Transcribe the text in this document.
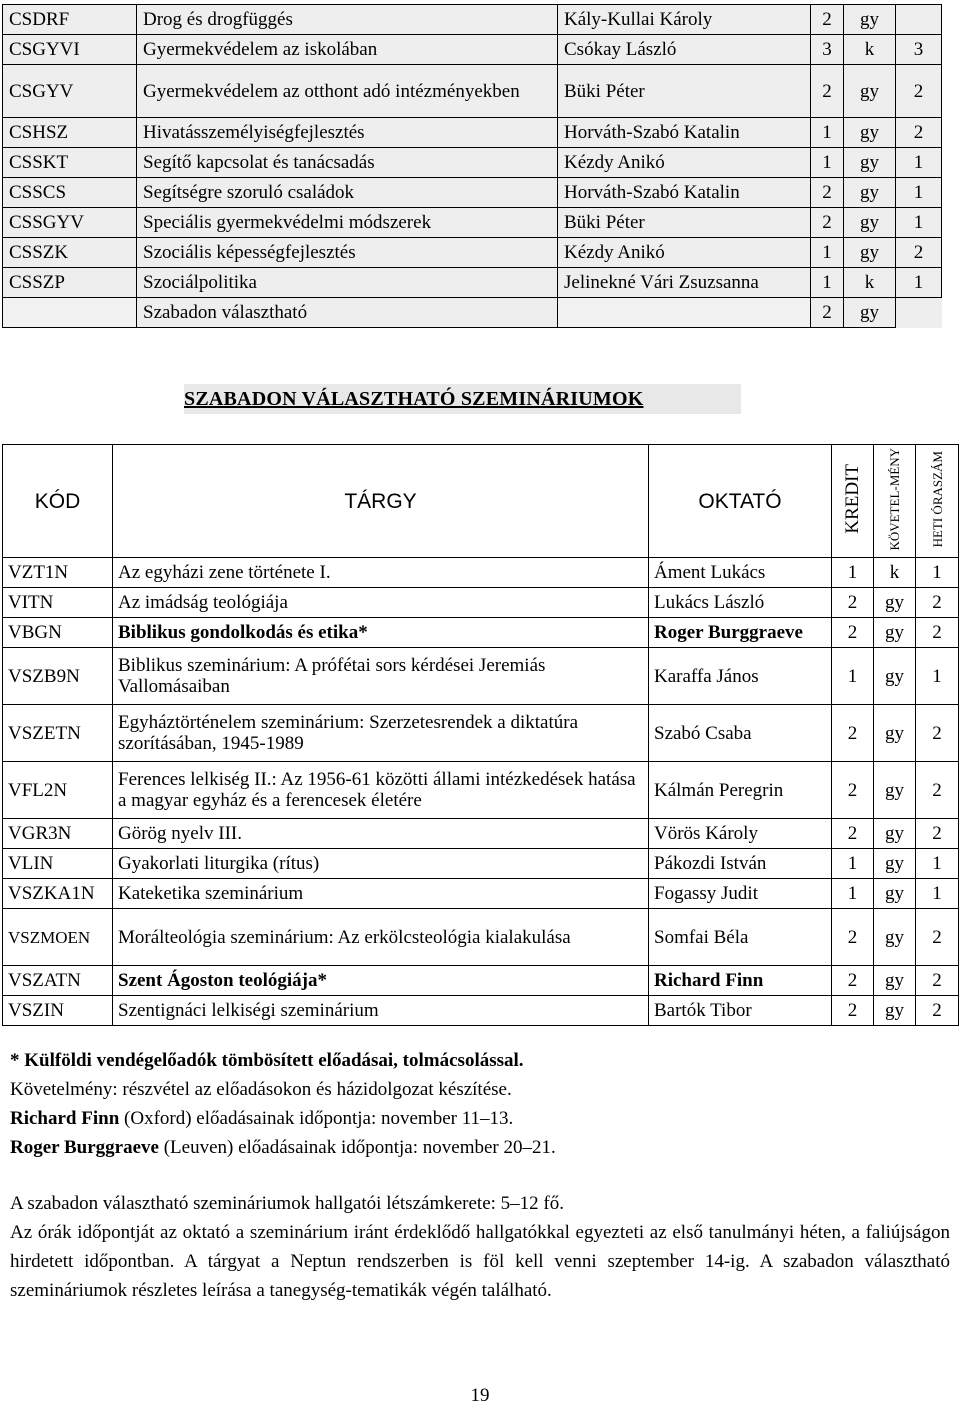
CSDRF	Drog és drogfüggés	Kály-Kullai Károly	2	gy	
CSGYVI	Gyermekvédelem az iskolában	Csókay László	3	k	3
CSGYV	Gyermekvédelem az otthont adó intézményekben	Büki Péter	2	gy	2
CSHSZ	Hivatásszemélyiségfejlesztés	Horváth-Szabó Katalin	1	gy	2
CSSKT	Segítő kapcsolat és tanácsadás	Kézdy Anikó	1	gy	1
CSSCS	Segítségre szoruló családok	Horváth-Szabó Katalin	2	gy	1
CSSGYV	Speciális gyermekvédelmi módszerek	Büki Péter	2	gy	1
CSSZK	Szociális képességfejlesztés	Kézdy Anikó	1	gy	2
CSSZP	Szociálpolitika	Jelinekné Vári Zsuzsanna	1	k	1
	Szabadon választható		2	gy	
SZABADON VÁLASZTHATÓ SZEMINÁRIUMOK
KÓD	TÁRGY	OKTATÓ	KREDIT	KÖVETEL-MÉNY	HETI ÓRASZÁM
VZT1N	Az egyházi zene története I.	Áment Lukács	1	k	1
VITN	Az imádság teológiája	Lukács László	2	gy	2
VBGN	Biblikus gondolkodás és etika*	Roger Burggraeve	2	gy	2
VSZB9N	Biblikus szeminárium: A prófétai sors kérdései Jeremiás Vallomásaiban	Karaffa János	1	gy	1
VSZETN	Egyháztörténelem szeminárium: Szerzetesrendek a diktatúra szorításában, 1945-1989	Szabó Csaba	2	gy	2
VFL2N	Ferences lelkiség II.: Az 1956-61 közötti állami intézkedések hatása a magyar egyház és a ferencesek életére	Kálmán Peregrin	2	gy	2
VGR3N	Görög nyelv III.	Vörös Károly	2	gy	2
VLIN	Gyakorlati liturgika (rítus)	Pákozdi István	1	gy	1
VSZKA1N	Kateketika szeminárium	Fogassy Judit	1	gy	1
VSZMOEN	Moráltеológia szeminárium: Az erkölcsteológia kialakulása	Somfai Béla	2	gy	2
VSZATN	Szent Ágoston teológiája*	Richard Finn	2	gy	2
VSZIN	Szentignáci lelkiségi szeminárium	Bartók Tibor	2	gy	2

* Külföldi vendégelőadók tömbösített előadásai, tolmácsolással.

Követelmény: részvétel az előadásokon és házidolgozat készítése.

Richard Finn (Oxford) előadásainak időpontja: november 11–13.

Roger Burggraeve (Leuven) előadásainak időpontja: november 20–21.

A szabadon választható szemináriumok hallgatói létszámkerete: 5–12 fő.

Az órák időpontját az oktató a szeminárium iránt érdeklődő hallgatókkal egyezteti az első tanulmányi héten, a faliújságon hirdetett időpontban. A tárgyat a Neptun rendszerben is föl kell venni szeptember 14-ig. A szabadon választható szemináriumok részletes leírása a tanegység-tematikák végén található.

19
